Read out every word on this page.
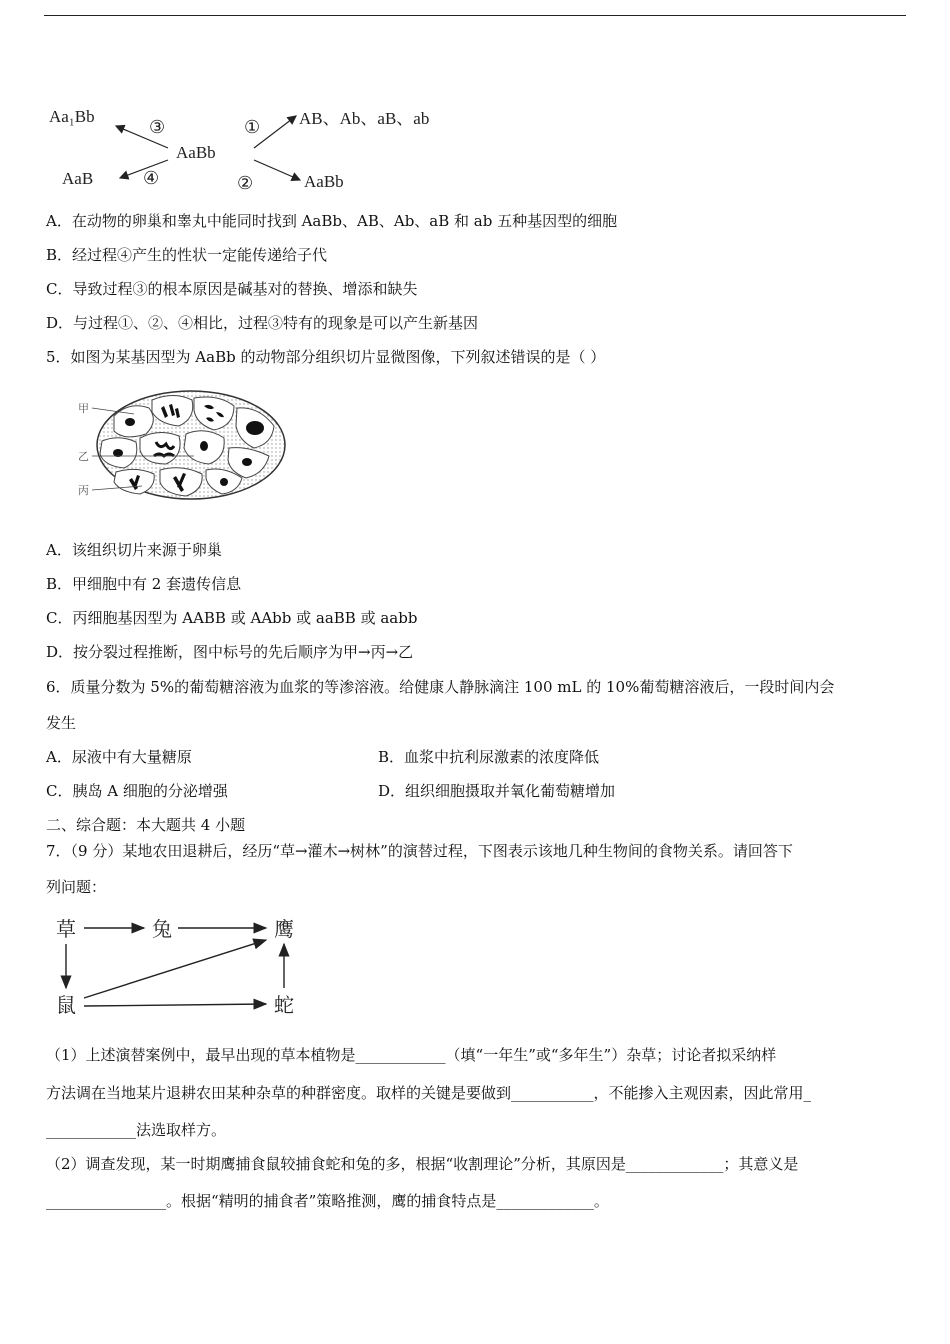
Aa₁Bb
AaB
AaBb
AB、Ab、aB、ab
AaBb
③
④
①
②
A．在动物的卵巢和睾丸中能同时找到 AaBb、AB、Ab、aB 和 ab 五种基因型的细胞
B．经过程④产生的性状一定能传递给子代
C．导致过程③的根本原因是碱基对的替换、增添和缺失
D．与过程①、②、④相比，过程③特有的现象是可以产生新基因
5．如图为某基因型为 AaBb 的动物部分组织切片显微图像，下列叙述错误的是（ ）
甲
乙
丙
A．该组织切片来源于卵巢
B．甲细胞中有 2 套遗传信息
C．丙细胞基因型为 AABB 或 AAbb 或 aaBB 或 aabb
D．按分裂过程推断，图中标号的先后顺序为甲→丙→乙
6．质量分数为 5%的葡萄糖溶液为血浆的等渗溶液。给健康人静脉滴注 100 mL 的 10%葡萄糖溶液后，一段时间内会
发生
A．尿液中有大量糖原	B．血浆中抗利尿激素的浓度降低
C．胰岛 A 细胞的分泌增强	D．组织细胞摄取并氧化葡萄糖增加
二、综合题：本大题共 4 小题
7．（9 分）某地农田退耕后，经历“草→灌木→树林”的演替过程，下图表示该地几种生物间的食物关系。请回答下
列问题：
草	兔	鹰
鼠	蛇
（1）上述演替案例中，最早出现的草本植物是____________（填“一年生”或“多年生”）杂草；讨论者拟采纳样
方法调在当地某片退耕农田某种杂草的种群密度。取样的关键是要做到___________，不能掺入主观因素，因此常用_
____________法选取样方。
（2）调查发现，某一时期鹰捕食鼠较捕食蛇和兔的多，根据“收割理论”分析，其原因是_____________；其意义是
________________。根据“精明的捕食者”策略推测，鹰的捕食特点是_____________。
